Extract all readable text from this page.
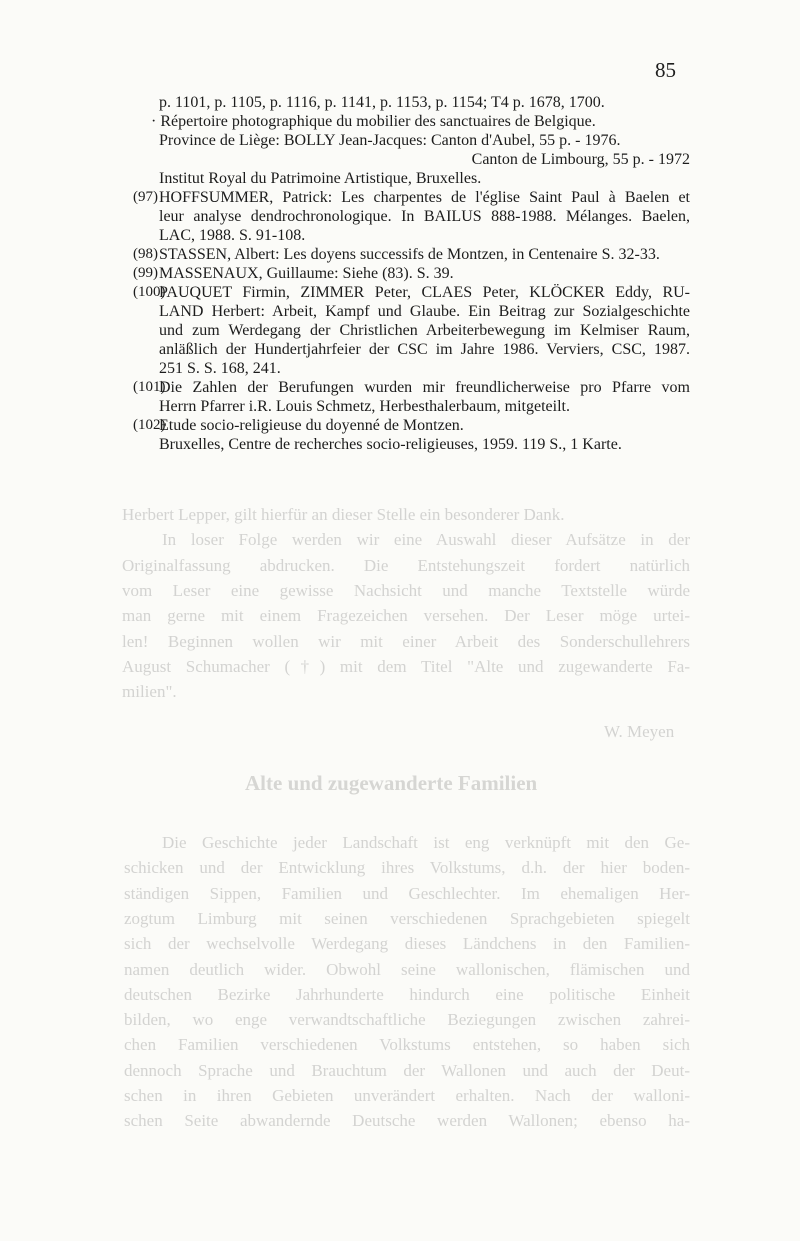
Herbert Lepper, gilt hierfür an dieser Stelle ein besonderer Dank.
In loser Folge werden wir eine Auswahl dieser Aufsätze in der
Originalfassung abdrucken. Die Entstehungszeit fordert natürlich
vom Leser eine gewisse Nachsicht und manche Textstelle würde
man gerne mit einem Fragezeichen versehen. Der Leser möge urtei-
len! Beginnen wollen wir mit einer Arbeit des Sonderschullehrers
August Schumacher (†) mit dem Titel "Alte und zugewanderte Fa-
milien".
W. Meyen
Alte und zugewanderte Familien
Die Geschichte jeder Landschaft ist eng verknüpft mit den Ge-
schicken und der Entwicklung ihres Volkstums, d.h. der hier boden-
ständigen Sippen, Familien und Geschlechter. Im ehemaligen Her-
zogtum Limburg mit seinen verschiedenen Sprachgebieten spiegelt
sich der wechselvolle Werdegang dieses Ländchens in den Familien-
namen deutlich wider. Obwohl seine wallonischen, flämischen und
deutschen Bezirke Jahrhunderte hindurch eine politische Einheit
bilden, wo enge verwandtschaftliche Beziegungen zwischen zahrei-
chen Familien verschiedenen Volkstums entstehen, so haben sich
dennoch Sprache und Brauchtum der Wallonen und auch der Deut-
schen in ihren Gebieten unverändert erhalten. Nach der walloni-
schen Seite abwandernde Deutsche werden Wallonen; ebenso ha-
85
p. 1101, p. 1105, p. 1116, p. 1141, p. 1153, p. 1154; T4 p. 1678, 1700.
· Répertoire photographique du mobilier des sanctuaires de Belgique.
Province de Liège: BOLLY Jean-Jacques: Canton d'Aubel, 55 p. - 1976.
Canton de Limbourg, 55 p. - 1972
Institut Royal du Patrimoine Artistique, Bruxelles.
(97) HOFFSUMMER, Patrick: Les charpentes de l'église Saint Paul à Baelen et
leur analyse dendrochronologique. In BAILUS 888-1988. Mélanges. Baelen,
LAC, 1988. S. 91-108.
(98) STASSEN, Albert: Les doyens successifs de Montzen, in Centenaire S. 32-33.
(99) MASSENAUX, Guillaume: Siehe (83). S. 39.
(100)
PAUQUET Firmin, ZIMMER Peter, CLAES Peter, KLÖCKER Eddy, RU-
LAND Herbert: Arbeit, Kampf und Glaube. Ein Beitrag zur Sozialgeschichte
und zum Werdegang der Christlichen Arbeiterbewegung im Kelmiser Raum,
anläßlich der Hundertjahrfeier der CSC im Jahre 1986. Verviers, CSC, 1987.
251 S. S. 168, 241.
(101)
Die Zahlen der Berufungen wurden mir freundlicherweise pro Pfarre vom
Herrn Pfarrer i.R. Louis Schmetz, Herbesthalerbaum, mitgeteilt.
(102)
Etude socio-religieuse du doyenné de Montzen.
Bruxelles, Centre de recherches socio-religieuses, 1959. 119 S., 1 Karte.
